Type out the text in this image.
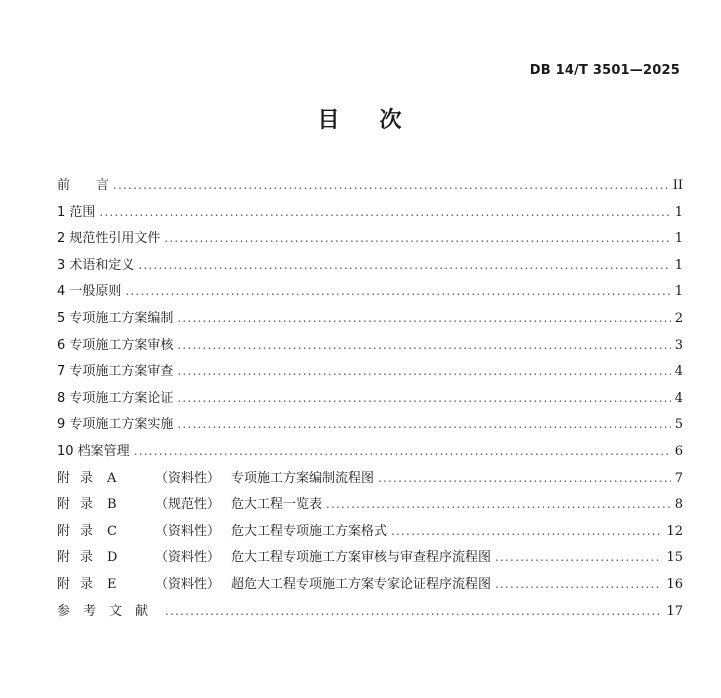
DB 14/T 3501—2025
目 次
前　　言 .....	II
1 范围 .....	1
2 规范性引用文件 .....	1
3 术语和定义 .....	1
4 一般原则 .....	1
5 专项施工方案编制 .....	2
6 专项施工方案审核 .....	3
7 专项施工方案审查 .....	4
8 专项施工方案论证 .....	4
9 专项施工方案实施 .....	5
10 档案管理 .....	6
附录 A	（资料性） 专项施工方案编制流程图 .....	7
附录 B	（规范性） 危大工程一览表 .....	8
附录 C	（资料性） 危大工程专项施工方案格式 .....	12
附录 D	（资料性） 危大工程专项施工方案审核与审查程序流程图 .....	15
附录 E	（资料性） 超危大工程专项施工方案专家论证程序流程图 .....	16
参考文献 .....	17
